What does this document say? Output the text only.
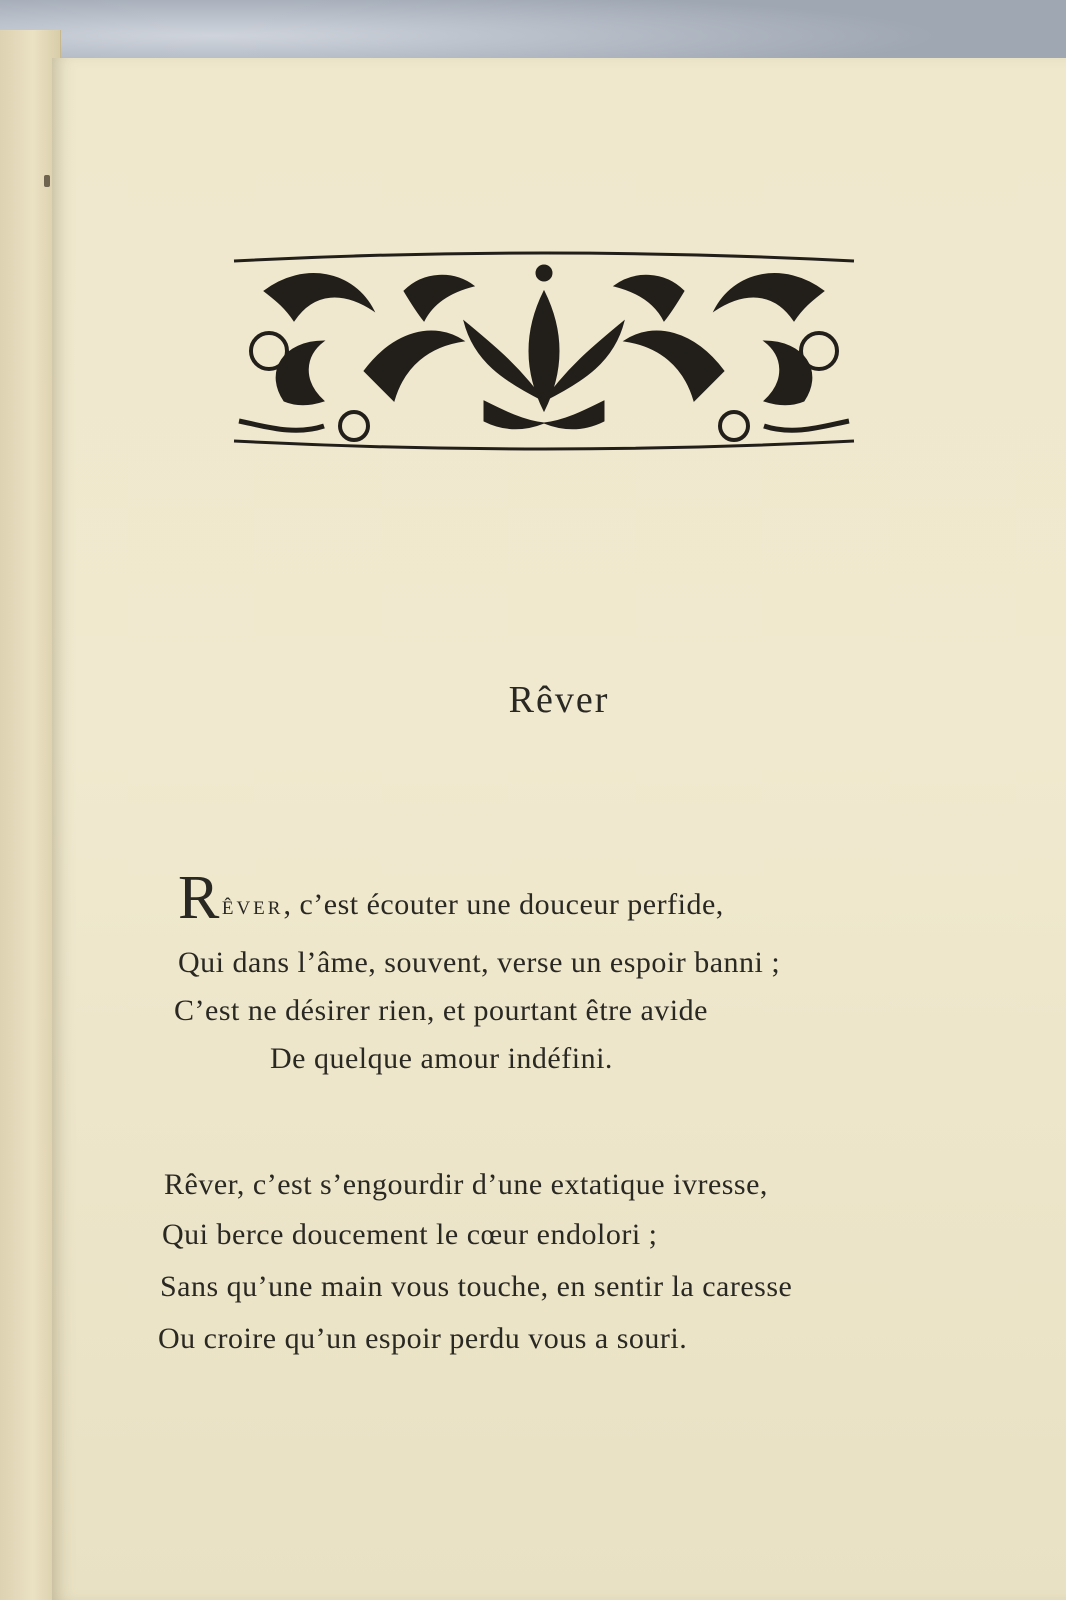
Rêver
RÊVER, c’est écouter une douceur perfide,
Qui dans l’âme, souvent, verse un espoir banni ;
C’est ne désirer rien, et pourtant être avide
De quelque amour indéfini.
Rêver, c’est s’engourdir d’une extatique ivresse,
Qui berce doucement le cœur endolori ;
Sans qu’une main vous touche, en sentir la caresse
Ou croire qu’un espoir perdu vous a souri.
